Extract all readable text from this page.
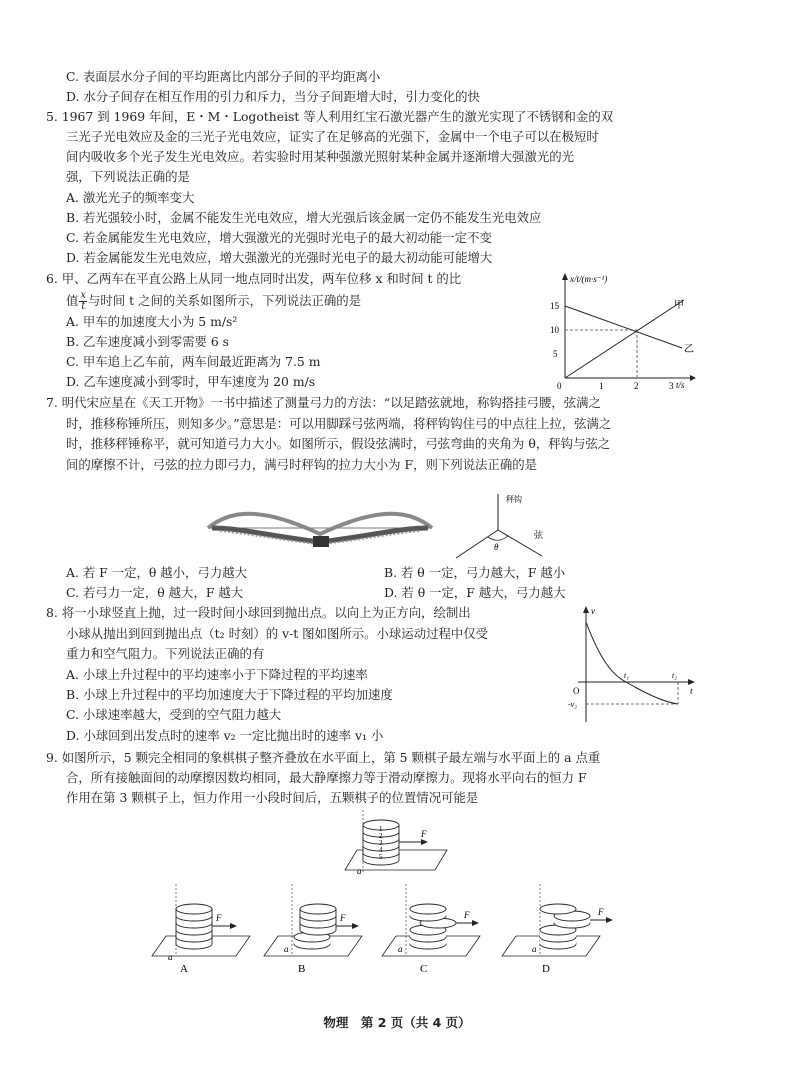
C. 表面层水分子间的平均距离比内部分子间的平均距离小
D. 水分子间存在相互作用的引力和斥力，当分子间距增大时，引力变化的快
5. 1967 到 1969 年间，E・M・Logotheist 等人利用红宝石激光器产生的激光实现了不锈钢和金的双
三光子光电效应及金的三光子光电效应，证实了在足够高的光强下，金属中一个电子可以在极短时
间内吸收多个光子发生光电效应。若实验时用某种强激光照射某种金属并逐渐增大强激光的光
强，下列说法正确的是
A. 激光光子的频率变大
B. 若光强较小时，金属不能发生光电效应，增大光强后该金属一定仍不能发生光电效应
C. 若金属能发生光电效应，增大强激光的光强时光电子的最大初动能一定不变
D. 若金属能发生光电效应，增大强激光的光强时光电子的最大初动能可能增大
6. 甲、乙两车在平直公路上从同一地点同时出发，两车位移 x 和时间 t 的比
值 $\frac{x}{t}$ 与时间 t 之间的关系如图所示，下列说法正确的是
A. 甲车的加速度大小为 5 m/s²
B. 乙车速度减小到零需要 6 s
C. 甲车追上乙车前，两车间最近距离为 7.5 m
D. 乙车速度减小到零时，甲车速度为 20 m/s
x/t/(m·s⁻¹)
t/s
15
10
5
0	1	2	3
甲
乙
7. 明代宋应星在《天工开物》一书中描述了测量弓力的方法：“以足踏弦就地，称钩搭挂弓腰，弦满之
时，推移称锤所压，则知多少。”意思是：可以用脚踩弓弦两端，将秤钩钩住弓的中点往上拉，弦满之
时，推移秤锤称平，就可知道弓力大小。如图所示，假设弦满时，弓弦弯曲的夹角为 θ，秤钩与弦之
间的摩擦不计，弓弦的拉力即弓力，满弓时秤钩的拉力大小为 F，则下列说法正确的是
θ
秤钩
弦
A. 若 F 一定，θ 越小，弓力越大	B. 若 θ 一定，弓力越大，F 越小
C. 若弓力一定，θ 越大，F 越大	D. 若 θ 一定，F 越大，弓力越大
8. 将一小球竖直上抛，过一段时间小球回到抛出点。以向上为正方向，绘制出
小球从抛出到回到抛出点（t₂ 时刻）的 v-t 图如图所示。小球运动过程中仅受
重力和空气阻力。下列说法正确的有
A. 小球上升过程中的平均速率小于下降过程的平均速率
B. 小球上升过程中的平均加速度大于下降过程的平均加速度
C. 小球速率越大，受到的空气阻力越大
D. 小球回到出发点时的速率 v₂ 一定比抛出时的速率 v₁ 小
v
t
O
t₁	t₂
-v₂
9. 如图所示，5 颗完全相同的象棋棋子整齐叠放在水平面上，第 5 颗棋子最左端与水平面上的 a 点重
合，所有接触面间的动摩擦因数均相同，最大静摩擦力等于滑动摩擦力。现将水平向右的恒力 F
作用在第 3 颗棋子上，恒力作用一小段时间后，五颗棋子的位置情况可能是
F
a
1
2
3
4
5
F
a
A
F
a
B
F
a
C
F
a
D
物理　第 2 页（共 4 页）
